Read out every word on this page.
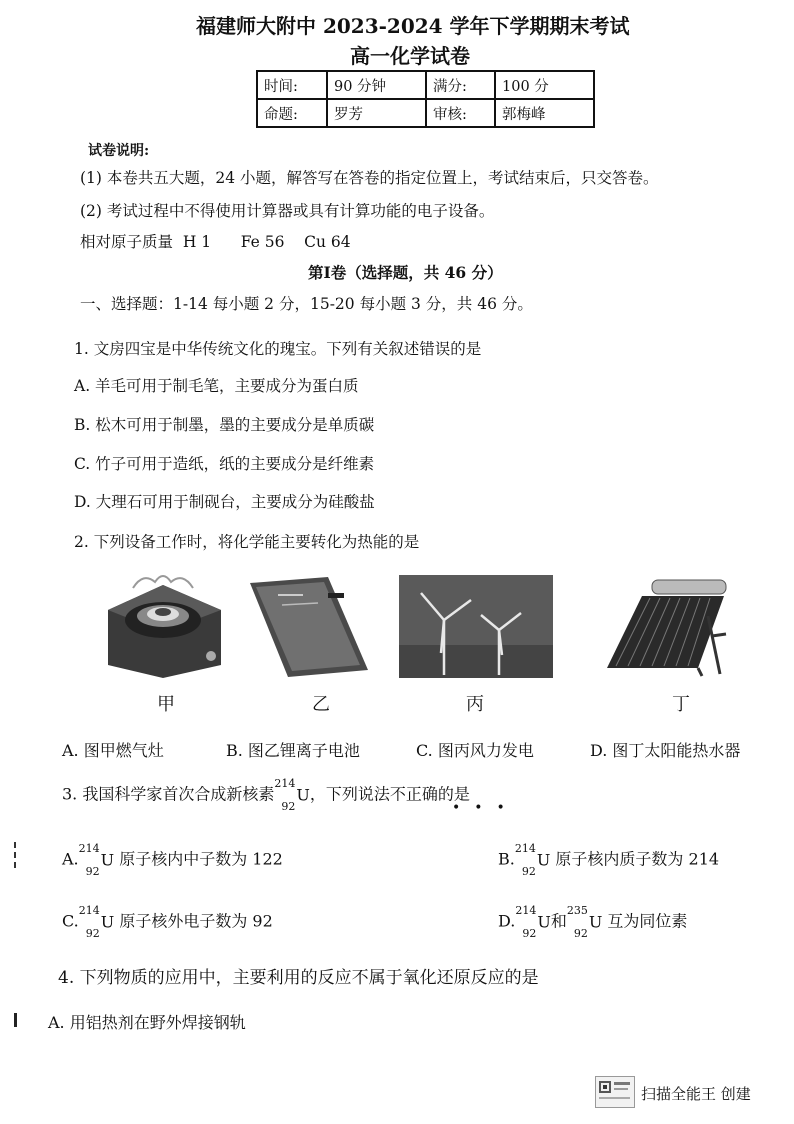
福建师大附中 2023-2024 学年下学期期末考试
高一化学试卷
时间:	90 分钟	满分:	100 分
命题:	罗芳	审核:	郭梅峰
试卷说明:
(1) 本卷共五大题，24 小题，解答写在答卷的指定位置上，考试结束后，只交答卷。
(2) 考试过程中不得使用计算器或具有计算功能的电子设备。
相对原子质量  H 1      Fe 56    Cu 64
第Ⅰ卷（选择题，共 46 分）
一、选择题：1-14 每小题 2 分，15-20 每小题 3 分，共 46 分。
1. 文房四宝是中华传统文化的瑰宝。下列有关叙述错误的是
A. 羊毛可用于制毛笔，主要成分为蛋白质
B. 松木可用于制墨，墨的主要成分是单质碳
C. 竹子可用于造纸，纸的主要成分是纤维素
D. 大理石可用于制砚台，主要成分为硅酸盐
2. 下列设备工作时，将化学能主要转化为热能的是
甲	乙	丙	丁
A. 图甲燃气灶	B. 图乙锂离子电池	C. 图丙风力发电	D. 图丁太阳能热水器
3. 我国科学家首次合成新核素
214
92
U，下列说法不正确的是
•••
A.
214
92
U 原子核内中子数为 122	B.
214
92
U 原子核内质子数为 214
C.
214
92
U 原子核外电子数为 92	D.
214
92
U和
235
92
U 互为同位素
4. 下列物质的应用中，主要利用的反应不属于氧化还原反应的是
A. 用铝热剂在野外焊接钢轨
扫描全能王 创建
